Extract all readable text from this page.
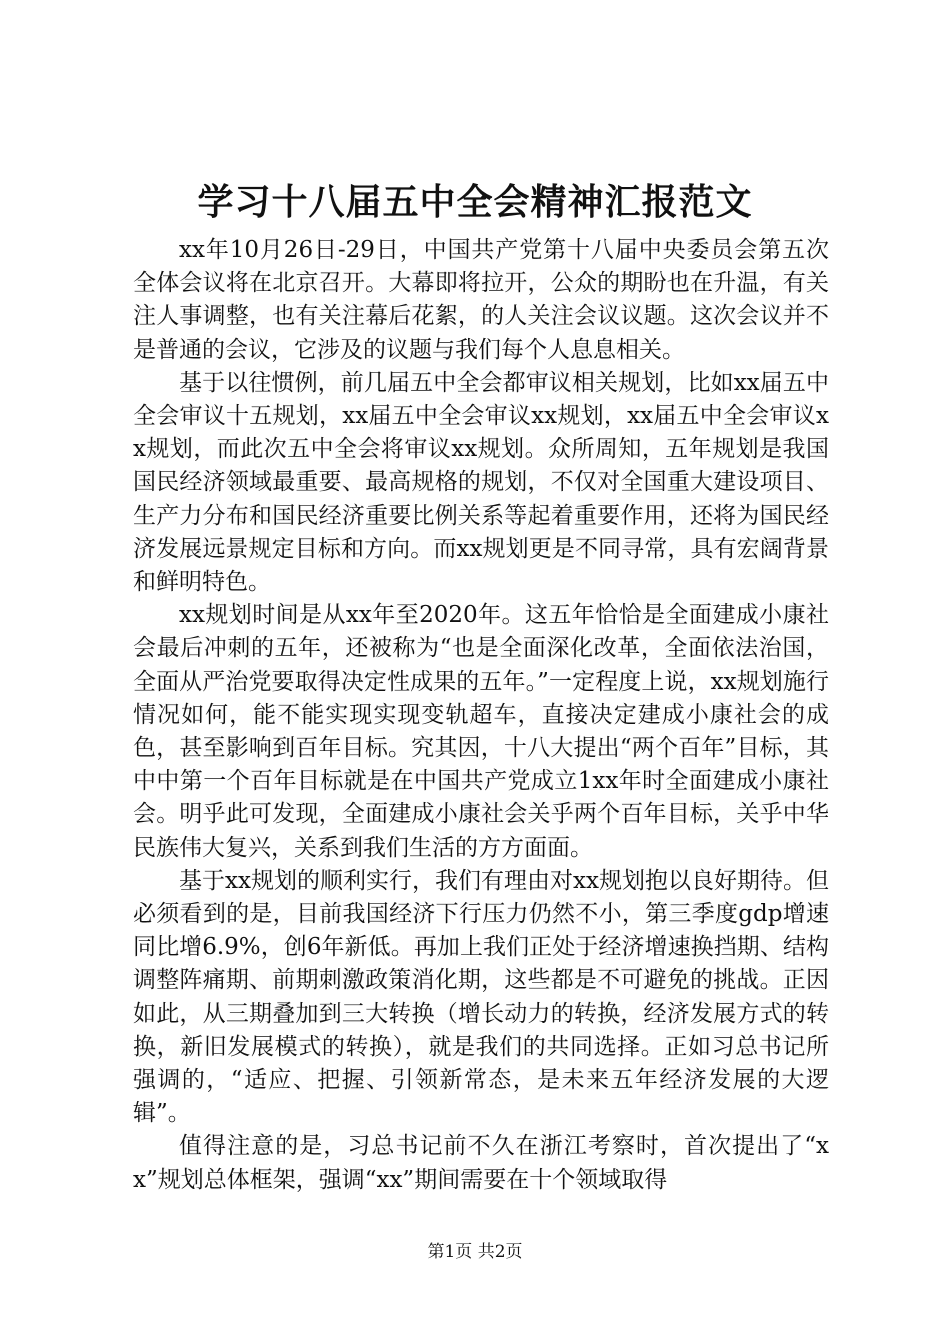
学习十八届五中全会精神汇报范文

xx年10月26日-29日，中国共产党第十八届中央委员会第五次全体会议将在北京召开。大幕即将拉开，公众的期盼也在升温，有关注人事调整，也有关注幕后花絮，的人关注会议议题。这次会议并不是普通的会议，它涉及的议题与我们每个人息息相关。

基于以往惯例，前几届五中全会都审议相关规划，比如xx届五中全会审议十五规划，xx届五中全会审议xx规划，xx届五中全会审议xx规划，而此次五中全会将审议xx规划。众所周知，五年规划是我国国民经济领域最重要、最高规格的规划，不仅对全国重大建设项目、生产力分布和国民经济重要比例关系等起着重要作用，还将为国民经济发展远景规定目标和方向。而xx规划更是不同寻常，具有宏阔背景和鲜明特色。

xx规划时间是从xx年至2020年。这五年恰恰是全面建成小康社会最后冲刺的五年，还被称为“也是全面深化改革，全面依法治国，全面从严治党要取得决定性成果的五年。”一定程度上说，xx规划施行情况如何，能不能实现实现变轨超车，直接决定建成小康社会的成色，甚至影响到百年目标。究其因，十八大提出“两个百年”目标，其中中第一个百年目标就是在中国共产党成立1xx年时全面建成小康社会。明乎此可发现，全面建成小康社会关乎两个百年目标，关乎中华民族伟大复兴，关系到我们生活的方方面面。

基于xx规划的顺利实行，我们有理由对xx规划抱以良好期待。但必须看到的是，目前我国经济下行压力仍然不小，第三季度gdp增速同比增6.9%，创6年新低。再加上我们正处于经济增速换挡期、结构调整阵痛期、前期刺激政策消化期，这些都是不可避免的挑战。正因如此，从三期叠加到三大转换（增长动力的转换，经济发展方式的转换，新旧发展模式的转换），就是我们的共同选择。正如习总书记所强调的，“适应、把握、引领新常态，是未来五年经济发展的大逻辑”。

值得注意的是，习总书记前不久在浙江考察时，首次提出了“xx”规划总体框架，强调“xx”期间需要在十个领域取得

第1页 共2页
